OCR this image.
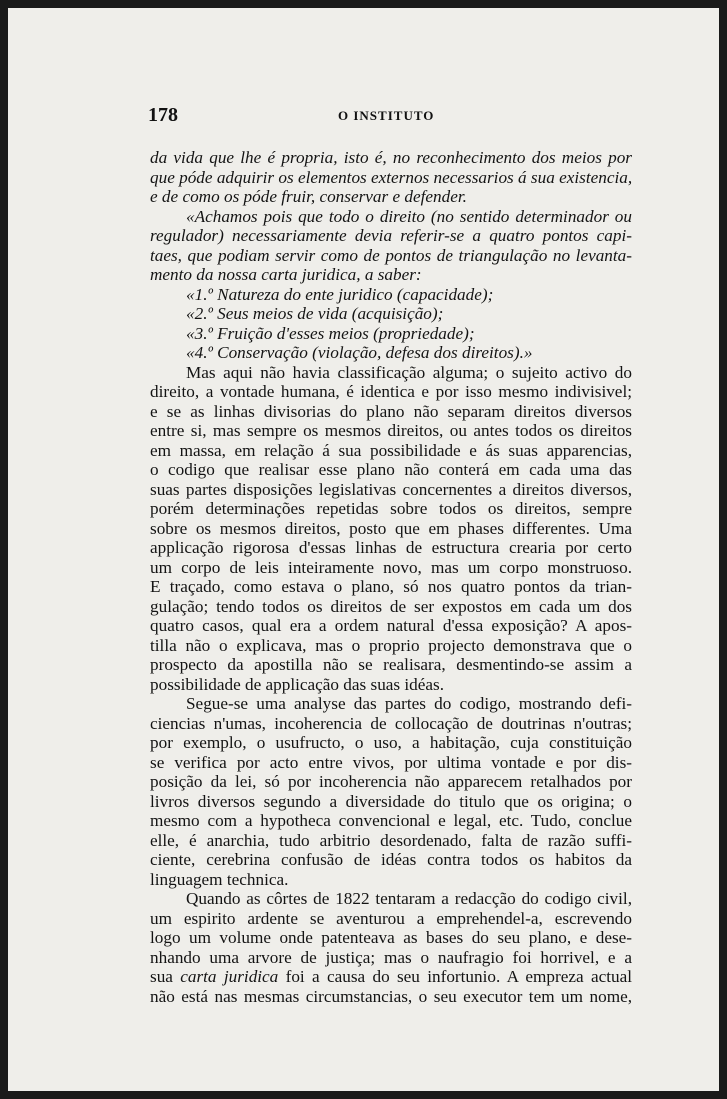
178	O INSTITUTO
da vida que lhe é propria, isto é, no reconhecimento dos meios por
que póde adquirir os elementos externos necessarios á sua existencia,
e de como os póde fruir, conservar e defender.
«Achamos pois que todo o direito (no sentido determinador ou
regulador) necessariamente devia referir-se a quatro pontos capi-
taes, que podiam servir como de pontos de triangulação no levanta-
mento da nossa carta juridica, a saber:
«1.º Natureza do ente juridico (capacidade);
«2.º Seus meios de vida (acquisição);
«3.º Fruição d'esses meios (propriedade);
«4.º Conservação (violação, defesa dos direitos).»
Mas aqui não havia classificação alguma; o sujeito activo do
direito, a vontade humana, é identica e por isso mesmo indivisivel;
e se as linhas divisorias do plano não separam direitos diversos
entre si, mas sempre os mesmos direitos, ou antes todos os direitos
em massa, em relação á sua possibilidade e ás suas apparencias,
o codigo que realisar esse plano não conterá em cada uma das
suas partes disposições legislativas concernentes a direitos diversos,
porém determinações repetidas sobre todos os direitos, sempre
sobre os mesmos direitos, posto que em phases differentes. Uma
applicação rigorosa d'essas linhas de estructura crearia por certo
um corpo de leis inteiramente novo, mas um corpo monstruoso.
E traçado, como estava o plano, só nos quatro pontos da trian-
gulação; tendo todos os direitos de ser expostos em cada um dos
quatro casos, qual era a ordem natural d'essa exposição? A apos-
tilla não o explicava, mas o proprio projecto demonstrava que o
prospecto da apostilla não se realisara, desmentindo-se assim a
possibilidade de applicação das suas idéas.
Segue-se uma analyse das partes do codigo, mostrando defi-
ciencias n'umas, incoherencia de collocação de doutrinas n'outras;
por exemplo, o usufructo, o uso, a habitação, cuja constituição
se verifica por acto entre vivos, por ultima vontade e por dis-
posição da lei, só por incoherencia não apparecem retalhados por
livros diversos segundo a diversidade do titulo que os origina; o
mesmo com a hypotheca convencional e legal, etc. Tudo, conclue
elle, é anarchia, tudo arbitrio desordenado, falta de razão suffi-
ciente, cerebrina confusão de idéas contra todos os habitos da
linguagem technica.
Quando as côrtes de 1822 tentaram a redacção do codigo civil,
um espirito ardente se aventurou a emprehendel-a, escrevendo
logo um volume onde patenteava as bases do seu plano, e dese-
nhando uma arvore de justiça; mas o naufragio foi horrivel, e a
sua carta juridica foi a causa do seu infortunio. A empreza actual
não está nas mesmas circumstancias, o seu executor tem um nome,
